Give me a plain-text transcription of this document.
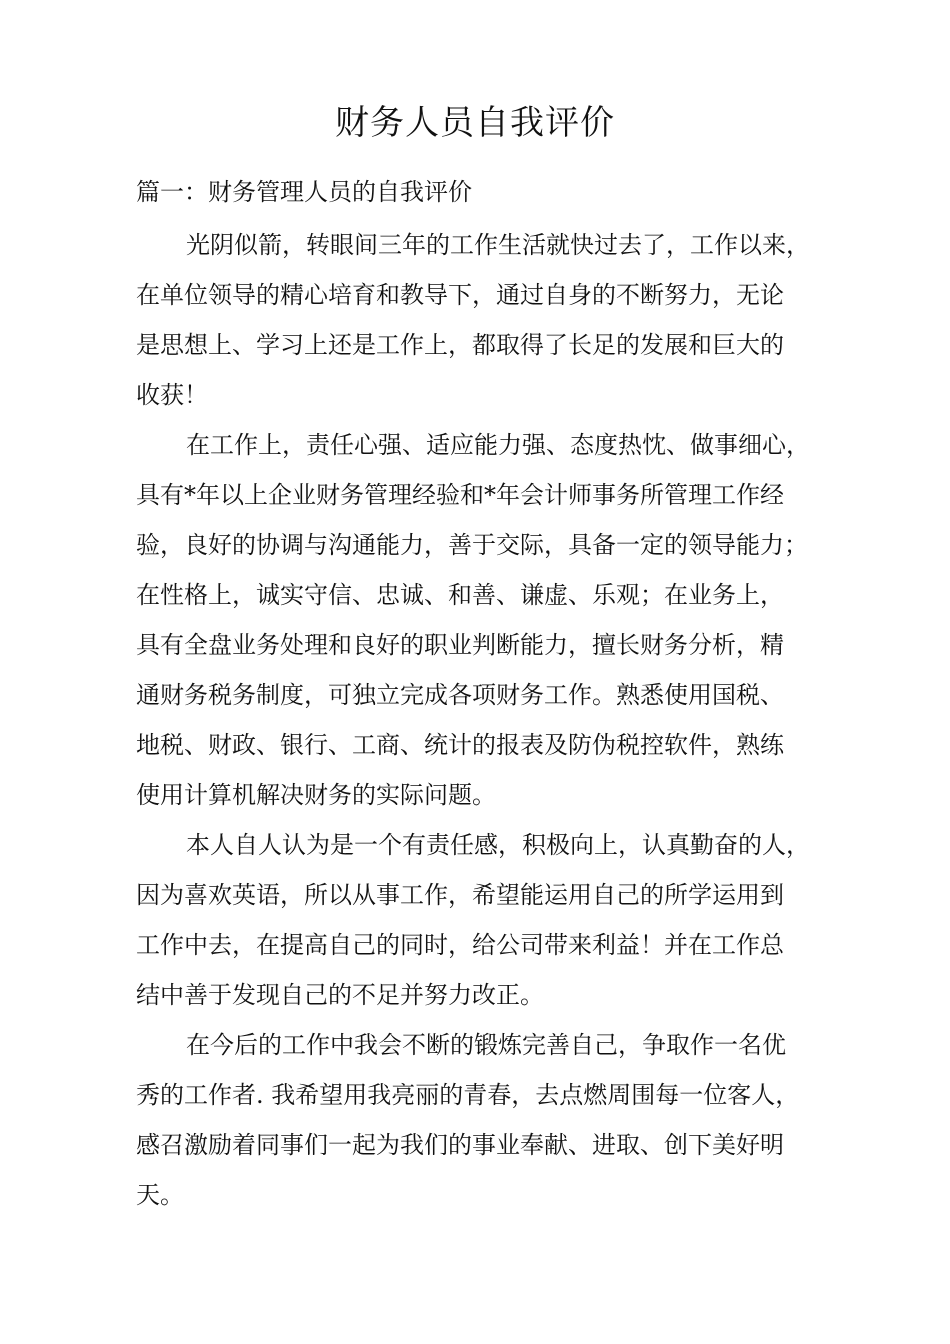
财务人员自我评价
篇一：财务管理人员的自我评价

光阴似箭，转眼间三年的工作生活就快过去了，工作以来，
在单位领导的精心培育和教导下，通过自身的不断努力，无论
是思想上、学习上还是工作上，都取得了长足的发展和巨大的
收获！

在工作上，责任心强、适应能力强、态度热忱、做事细心，
具有*年以上企业财务管理经验和*年会计师事务所管理工作经
验，良好的协调与沟通能力，善于交际，具备一定的领导能力；
在性格上，诚实守信、忠诚、和善、谦虚、乐观；在业务上，
具有全盘业务处理和良好的职业判断能力，擅长财务分析，精
通财务税务制度，可独立完成各项财务工作。熟悉使用国税、
地税、财政、银行、工商、统计的报表及防伪税控软件，熟练
使用计算机解决财务的实际问题。

本人自人认为是一个有责任感，积极向上，认真勤奋的人，
因为喜欢英语，所以从事工作，希望能运用自己的所学运用到
工作中去，在提高自己的同时，给公司带来利益！并在工作总
结中善于发现自己的不足并努力改正。

在今后的工作中我会不断的锻炼完善自己，争取作一名优
秀的工作者. 我希望用我亮丽的青春，去点燃周围每一位客人，
感召激励着同事们一起为我们的事业奉献、进取、创下美好明
天。
